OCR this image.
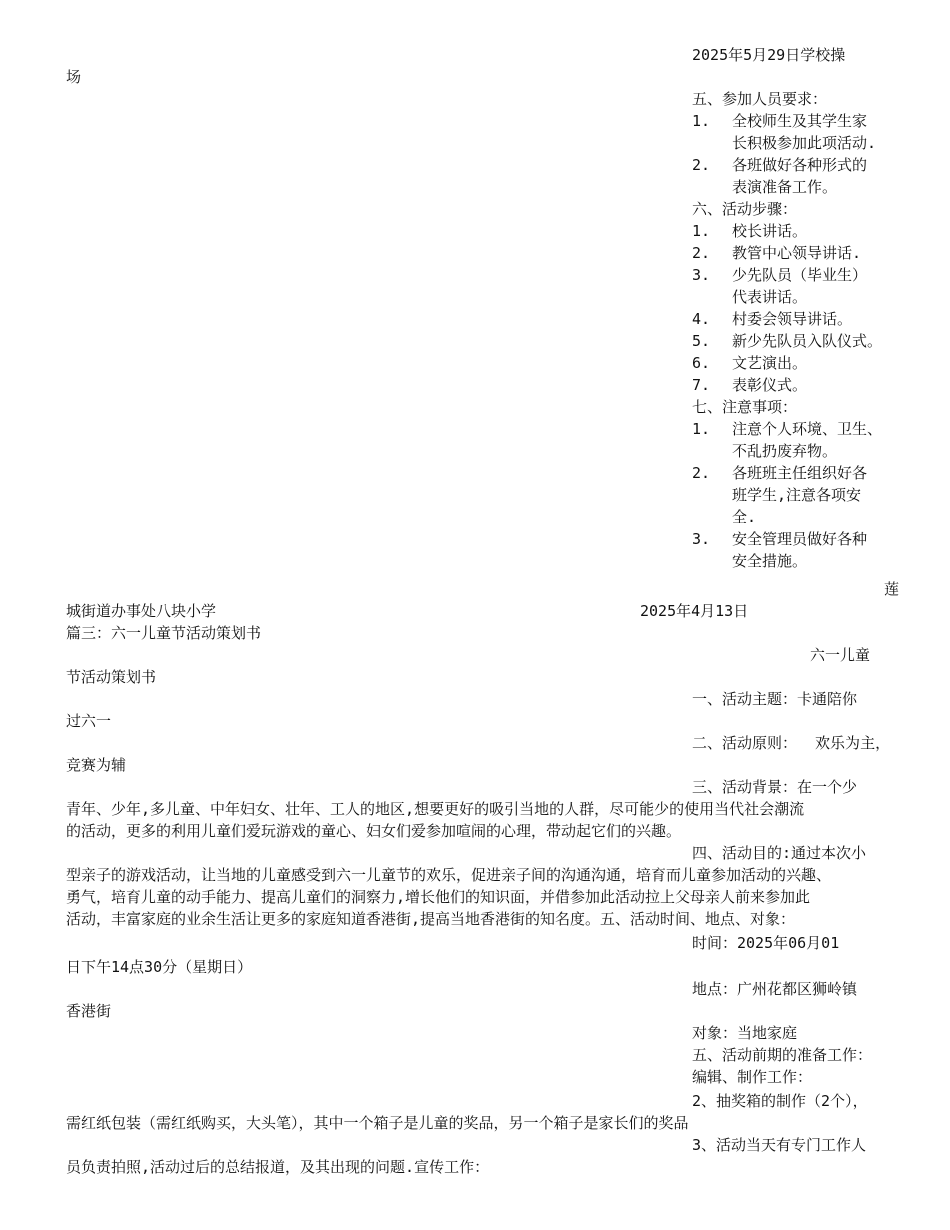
2025年5月29日学校操
场
五、参加人员要求：
1. 全校师生及其学生家
长积极参加此项活动.
2. 各班做好各种形式的
表演准备工作。
六、活动步骤：
1. 校长讲话。
2. 教管中心领导讲话.
3. 少先队员（毕业生）
代表讲话。
4. 村委会领导讲话。
5. 新少先队员入队仪式。
6. 文艺演出。
7. 表彰仪式。
七、注意事项：
1. 注意个人环境、卫生、
不乱扔废弃物。
2. 各班班主任组织好各
班学生,注意各项安
全.
3. 安全管理员做好各种
安全措施。
莲
城街道办事处八块小学	2025年4月13日
篇三：六一儿童节活动策划书
六一儿童
节活动策划书
一、活动主题：卡通陪你
过六一
二、活动原则：  欢乐为主，
竞赛为辅
三、活动背景：在一个少
青年、少年,多儿童、中年妇女、壮年、工人的地区,想要更好的吸引当地的人群，尽可能少的使用当代社会潮流
的活动，更多的利用儿童们爱玩游戏的童心、妇女们爱参加喧闹的心理，带动起它们的兴趣。
四、活动目的:通过本次小
型亲子的游戏活动，让当地的儿童感受到六一儿童节的欢乐，促进亲子间的沟通沟通，培育而儿童参加活动的兴趣、
勇气，培育儿童的动手能力、提高儿童们的洞察力,增长他们的知识面，并借参加此活动拉上父母亲人前来参加此
活动，丰富家庭的业余生活让更多的家庭知道香港街,提高当地香港街的知名度。五、活动时间、地点、对象：
时间：2025年06月01
日下午14点30分（星期日）
地点：广州花都区狮岭镇
香港街
对象：当地家庭
五、活动前期的准备工作：
编辑、制作工作：
2、抽奖箱的制作（2个），
需红纸包装（需红纸购买，大头笔），其中一个箱子是儿童的奖品，另一个箱子是家长们的奖品
3、活动当天有专门工作人
员负责拍照,活动过后的总结报道，及其出现的问题.宣传工作：
